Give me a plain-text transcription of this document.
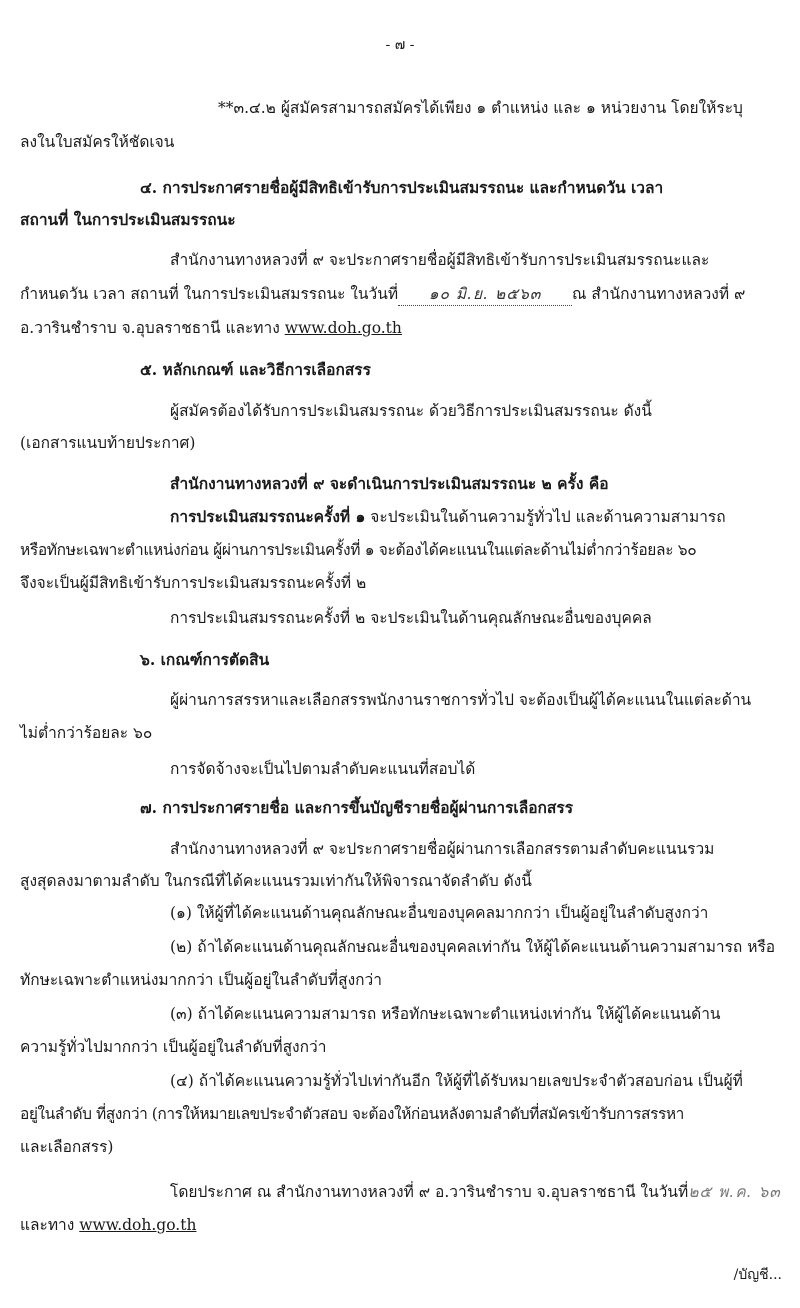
- ๗ -
**๓.๔.๒ ผู้สมัครสามารถสมัครได้เพียง ๑ ตำแหน่ง และ ๑ หน่วยงาน โดยให้ระบุ
ลงในใบสมัครให้ชัดเจน
๔. การประกาศรายชื่อผู้มีสิทธิเข้ารับการประเมินสมรรถนะ และกำหนดวัน เวลา
สถานที่ ในการประเมินสมรรถนะ
สำนักงานทางหลวงที่ ๙ จะประกาศรายชื่อผู้มีสิทธิเข้ารับการประเมินสมรรถนะและ
กำหนดวัน เวลา สถานที่ ในการประเมินสมรรถนะ ในวันที่ ๑๐ มิ.ย. ๒๕๖๓ ณ สำนักงานทางหลวงที่ ๙
อ.วารินชำราบ จ.อุบลราชธานี และทาง www.doh.go.th
๕. หลักเกณฑ์ และวิธีการเลือกสรร
ผู้สมัครต้องได้รับการประเมินสมรรถนะ ด้วยวิธีการประเมินสมรรถนะ ดังนี้
(เอกสารแนบท้ายประกาศ)
สำนักงานทางหลวงที่ ๙ จะดำเนินการประเมินสมรรถนะ ๒ ครั้ง คือ
การประเมินสมรรถนะครั้งที่ ๑ จะประเมินในด้านความรู้ทั่วไป และด้านความสามารถ
หรือทักษะเฉพาะตำแหน่งก่อน ผู้ผ่านการประเมินครั้งที่ ๑ จะต้องได้คะแนนในแต่ละด้านไม่ต่ำกว่าร้อยละ ๖๐
จึงจะเป็นผู้มีสิทธิเข้ารับการประเมินสมรรถนะครั้งที่ ๒
การประเมินสมรรถนะครั้งที่ ๒ จะประเมินในด้านคุณลักษณะอื่นของบุคคล
๖. เกณฑ์การตัดสิน
ผู้ผ่านการสรรหาและเลือกสรรพนักงานราชการทั่วไป จะต้องเป็นผู้ได้คะแนนในแต่ละด้าน
ไม่ต่ำกว่าร้อยละ ๖๐
การจัดจ้างจะเป็นไปตามลำดับคะแนนที่สอบได้
๗. การประกาศรายชื่อ และการขึ้นบัญชีรายชื่อผู้ผ่านการเลือกสรร
สำนักงานทางหลวงที่ ๙ จะประกาศรายชื่อผู้ผ่านการเลือกสรรตามลำดับคะแนนรวม
สูงสุดลงมาตามลำดับ ในกรณีที่ได้คะแนนรวมเท่ากันให้พิจารณาจัดลำดับ ดังนี้
(๑) ให้ผู้ที่ได้คะแนนด้านคุณลักษณะอื่นของบุคคลมากกว่า เป็นผู้อยู่ในลำดับสูงกว่า
(๒) ถ้าได้คะแนนด้านคุณลักษณะอื่นของบุคคลเท่ากัน ให้ผู้ได้คะแนนด้านความสามารถ หรือ
ทักษะเฉพาะตำแหน่งมากกว่า เป็นผู้อยู่ในลำดับที่สูงกว่า
(๓) ถ้าได้คะแนนความสามารถ หรือทักษะเฉพาะตำแหน่งเท่ากัน ให้ผู้ได้คะแนนด้าน
ความรู้ทั่วไปมากกว่า เป็นผู้อยู่ในลำดับที่สูงกว่า
(๔) ถ้าได้คะแนนความรู้ทั่วไปเท่ากันอีก ให้ผู้ที่ได้รับหมายเลขประจำตัวสอบก่อน เป็นผู้ที่
อยู่ในลำดับ ที่สูงกว่า (การให้หมายเลขประจำตัวสอบ จะต้องให้ก่อนหลังตามลำดับที่สมัครเข้ารับการสรรหา
และเลือกสรร)
โดยประกาศ ณ สำนักงานทางหลวงที่ ๙ อ.วารินชำราบ จ.อุบลราชธานี ในวันที่๒๕ พ.ค. ๖๓
และทาง www.doh.go.th
/บัญชี...
